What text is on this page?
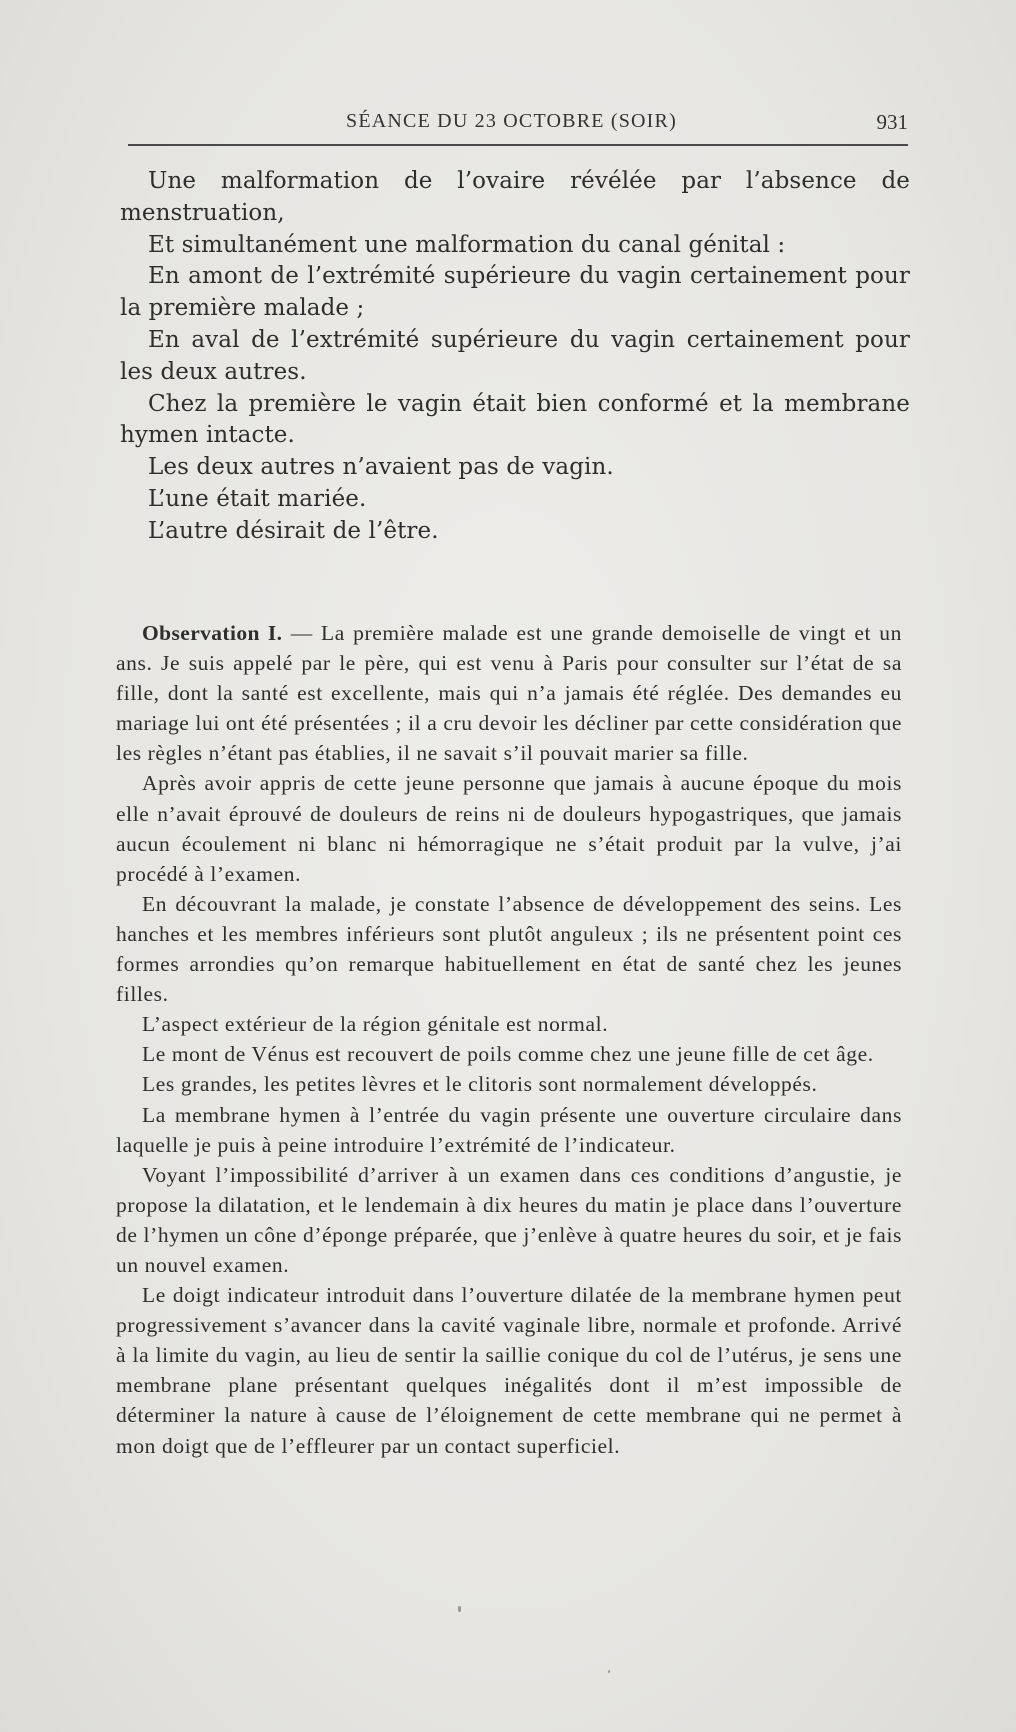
SÉANCE DU 23 OCTOBRE (SOIR)	931

Une malformation de l’ovaire révélée par l’absence de menstruation,

Et simultanément une malformation du canal génital :

En amont de l’extrémité supérieure du vagin certainement pour la première malade ;

En aval de l’extrémité supérieure du vagin certainement pour les deux autres.

Chez la première le vagin était bien conformé et la membrane hymen intacte.

Les deux autres n’avaient pas de vagin.

L’une était mariée.

L’autre désirait de l’être.

Observation I. — La première malade est une grande demoiselle de vingt et un ans. Je suis appelé par le père, qui est venu à Paris pour consulter sur l’état de sa fille, dont la santé est excellente, mais qui n’a jamais été réglée. Des demandes eu mariage lui ont été présentées ; il a cru devoir les décliner par cette considération que les règles n’étant pas établies, il ne savait s’il pouvait marier sa fille.

Après avoir appris de cette jeune personne que jamais à aucune époque du mois elle n’avait éprouvé de douleurs de reins ni de douleurs hypogastriques, que jamais aucun écoulement ni blanc ni hémorragique ne s’était produit par la vulve, j’ai procédé à l’examen.

En découvrant la malade, je constate l’absence de développement des seins. Les hanches et les membres inférieurs sont plutôt anguleux ; ils ne présentent point ces formes arrondies qu’on remarque habituellement en état de santé chez les jeunes filles.

L’aspect extérieur de la région génitale est normal.

Le mont de Vénus est recouvert de poils comme chez une jeune fille de cet âge.

Les grandes, les petites lèvres et le clitoris sont normalement développés.

La membrane hymen à l’entrée du vagin présente une ouverture circulaire dans laquelle je puis à peine introduire l’extrémité de l’indicateur.

Voyant l’impossibilité d’arriver à un examen dans ces conditions d’angustie, je propose la dilatation, et le lendemain à dix heures du matin je place dans l’ouverture de l’hymen un cône d’éponge préparée, que j’enlève à quatre heures du soir, et je fais un nouvel examen.

Le doigt indicateur introduit dans l’ouverture dilatée de la membrane hymen peut progressivement s’avancer dans la cavité vaginale libre, normale et profonde. Arrivé à la limite du vagin, au lieu de sentir la saillie conique du col de l’utérus, je sens une membrane plane présentant quelques inégalités dont il m’est impossible de déterminer la nature à cause de l’éloignement de cette membrane qui ne permet à mon doigt que de l’effleurer par un contact superficiel.
